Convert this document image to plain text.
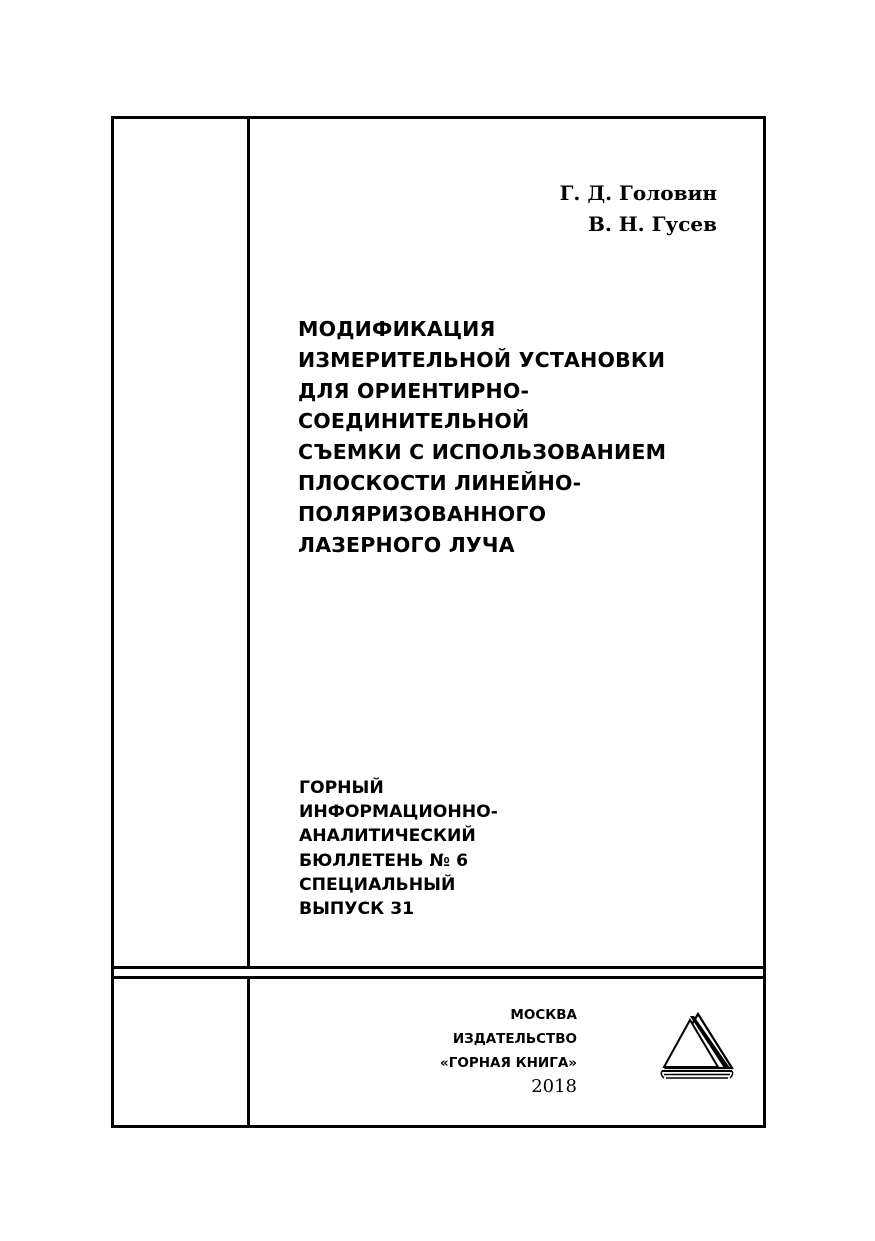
Г. Д. Головин
В. Н. Гусев
МОДИФИКАЦИЯ
ИЗМЕРИТЕЛЬНОЙ УСТАНОВКИ
ДЛЯ ОРИЕНТИРНО-
СОЕДИНИТЕЛЬНОЙ
СЪЕМКИ С ИСПОЛЬЗОВАНИЕМ
ПЛОСКОСТИ ЛИНЕЙНО-
ПОЛЯРИЗОВАННОГО
ЛАЗЕРНОГО ЛУЧА
ГОРНЫЙ
ИНФОРМАЦИОННО-
АНАЛИТИЧЕСКИЙ
БЮЛЛЕТЕНЬ № 6
СПЕЦИАЛЬНЫЙ
ВЫПУСК 31
МОСКВА
ИЗДАТЕЛЬСТВО
«ГОРНАЯ КНИГА»
2018
